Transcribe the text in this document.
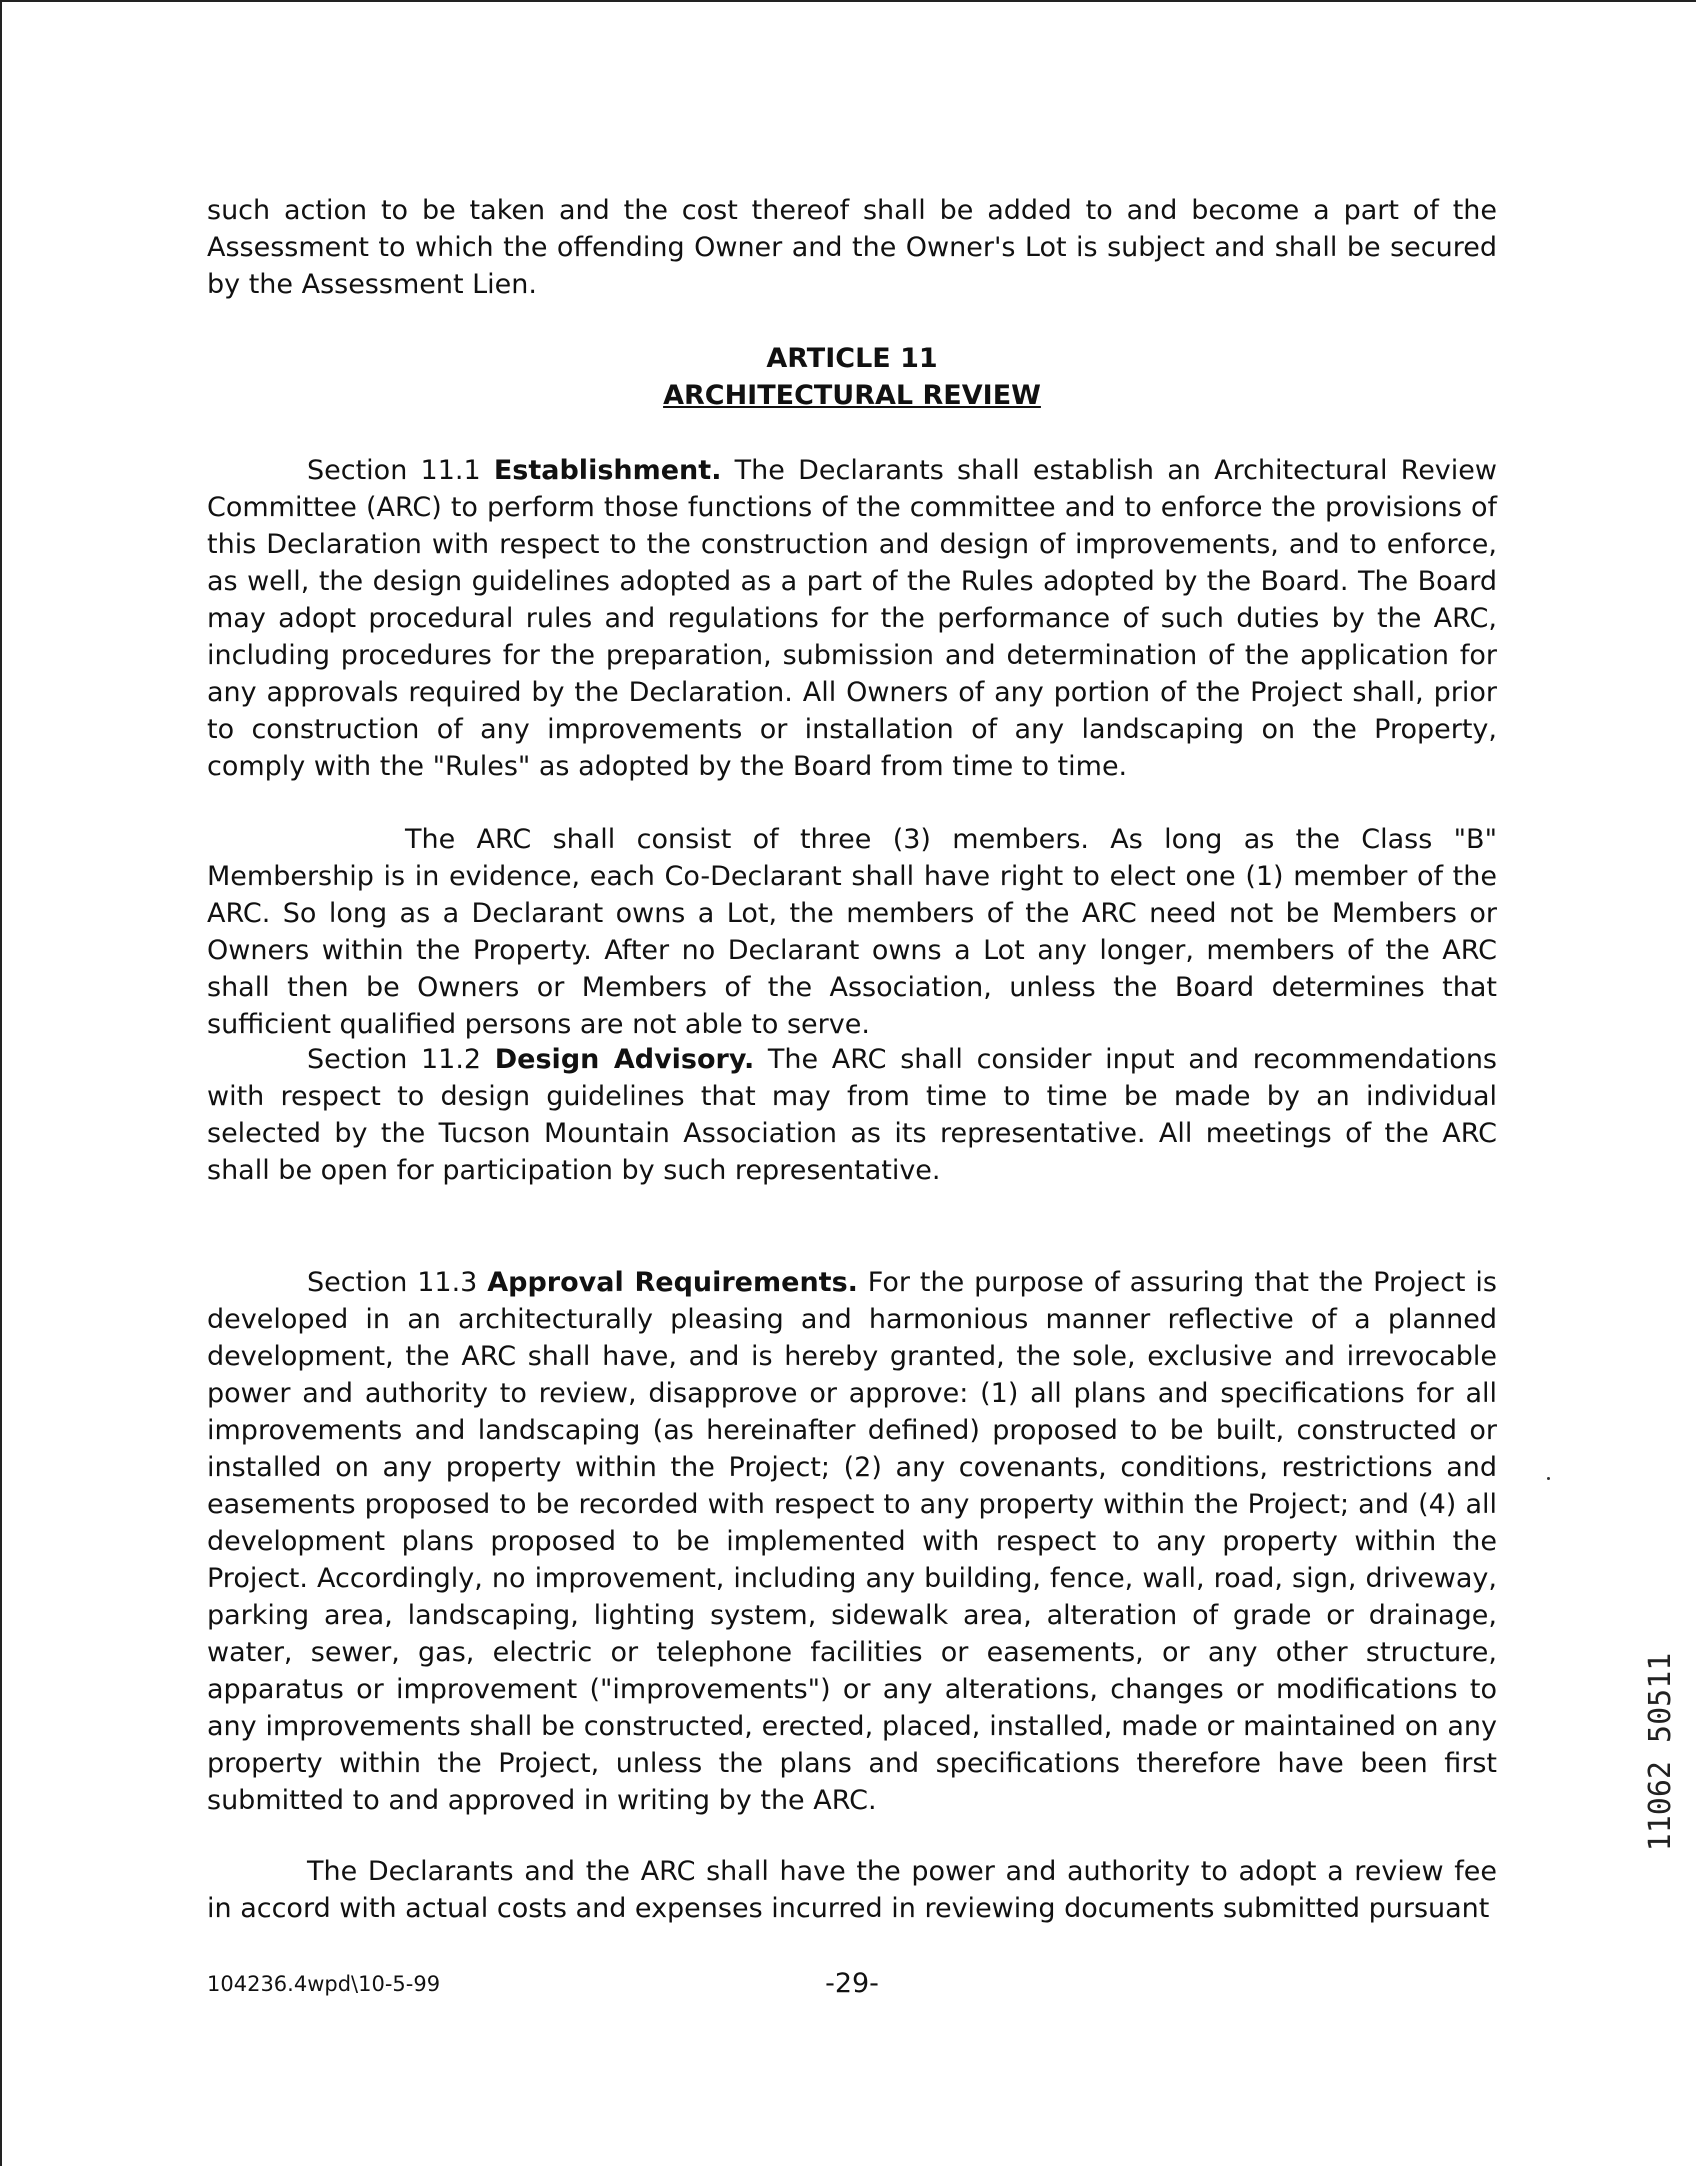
such action to be taken and the cost thereof shall be added to and become a part of the Assessment to which the offending Owner and the Owner's Lot is subject and shall be secured by the Assessment Lien.

ARTICLE 11
ARCHITECTURAL REVIEW

Section 11.1 Establishment. The Declarants shall establish an Architectural Review Committee (ARC) to perform those functions of the committee and to enforce the provisions of this Declaration with respect to the construction and design of improvements, and to enforce, as well, the design guidelines adopted as a part of the Rules adopted by the Board. The Board may adopt procedural rules and regulations for the performance of such duties by the ARC, including procedures for the preparation, submission and determination of the application for any approvals required by the Declaration. All Owners of any portion of the Project shall, prior to construction of any improvements or installation of any landscaping on the Property, comply with the "Rules" as adopted by the Board from time to time.

The ARC shall consist of three (3) members. As long as the Class "B" Membership is in evidence, each Co-Declarant shall have right to elect one (1) member of the ARC. So long as a Declarant owns a Lot, the members of the ARC need not be Members or Owners within the Property. After no Declarant owns a Lot any longer, members of the ARC shall then be Owners or Members of the Association, unless the Board determines that sufficient qualified persons are not able to serve.

Section 11.2 Design Advisory. The ARC shall consider input and recommendations with respect to design guidelines that may from time to time be made by an individual selected by the Tucson Mountain Association as its representative. All meetings of the ARC shall be open for participation by such representative.

Section 11.3 Approval Requirements. For the purpose of assuring that the Project is developed in an architecturally pleasing and harmonious manner reflective of a planned development, the ARC shall have, and is hereby granted, the sole, exclusive and irrevocable power and authority to review, disapprove or approve: (1) all plans and specifications for all improvements and landscaping (as hereinafter defined) proposed to be built, constructed or installed on any property within the Project; (2) any covenants, conditions, restrictions and easements proposed to be recorded with respect to any property within the Project; and (4) all development plans proposed to be implemented with respect to any property within the Project. Accordingly, no improvement, including any building, fence, wall, road, sign, driveway, parking area, landscaping, lighting system, sidewalk area, alteration of grade or drainage, water, sewer, gas, electric or telephone facilities or easements, or any other structure, apparatus or improvement ("improvements") or any alterations, changes or modifications to any improvements shall be constructed, erected, placed, installed, made or maintained on any property within the Project, unless the plans and specifications therefore have been first submitted to and approved in writing by the ARC.

The Declarants and the ARC shall have the power and authority to adopt a review fee in accord with actual costs and expenses incurred in reviewing documents submitted pursuant

104236.4wpd\10-5-99	-29-
11062 50511
